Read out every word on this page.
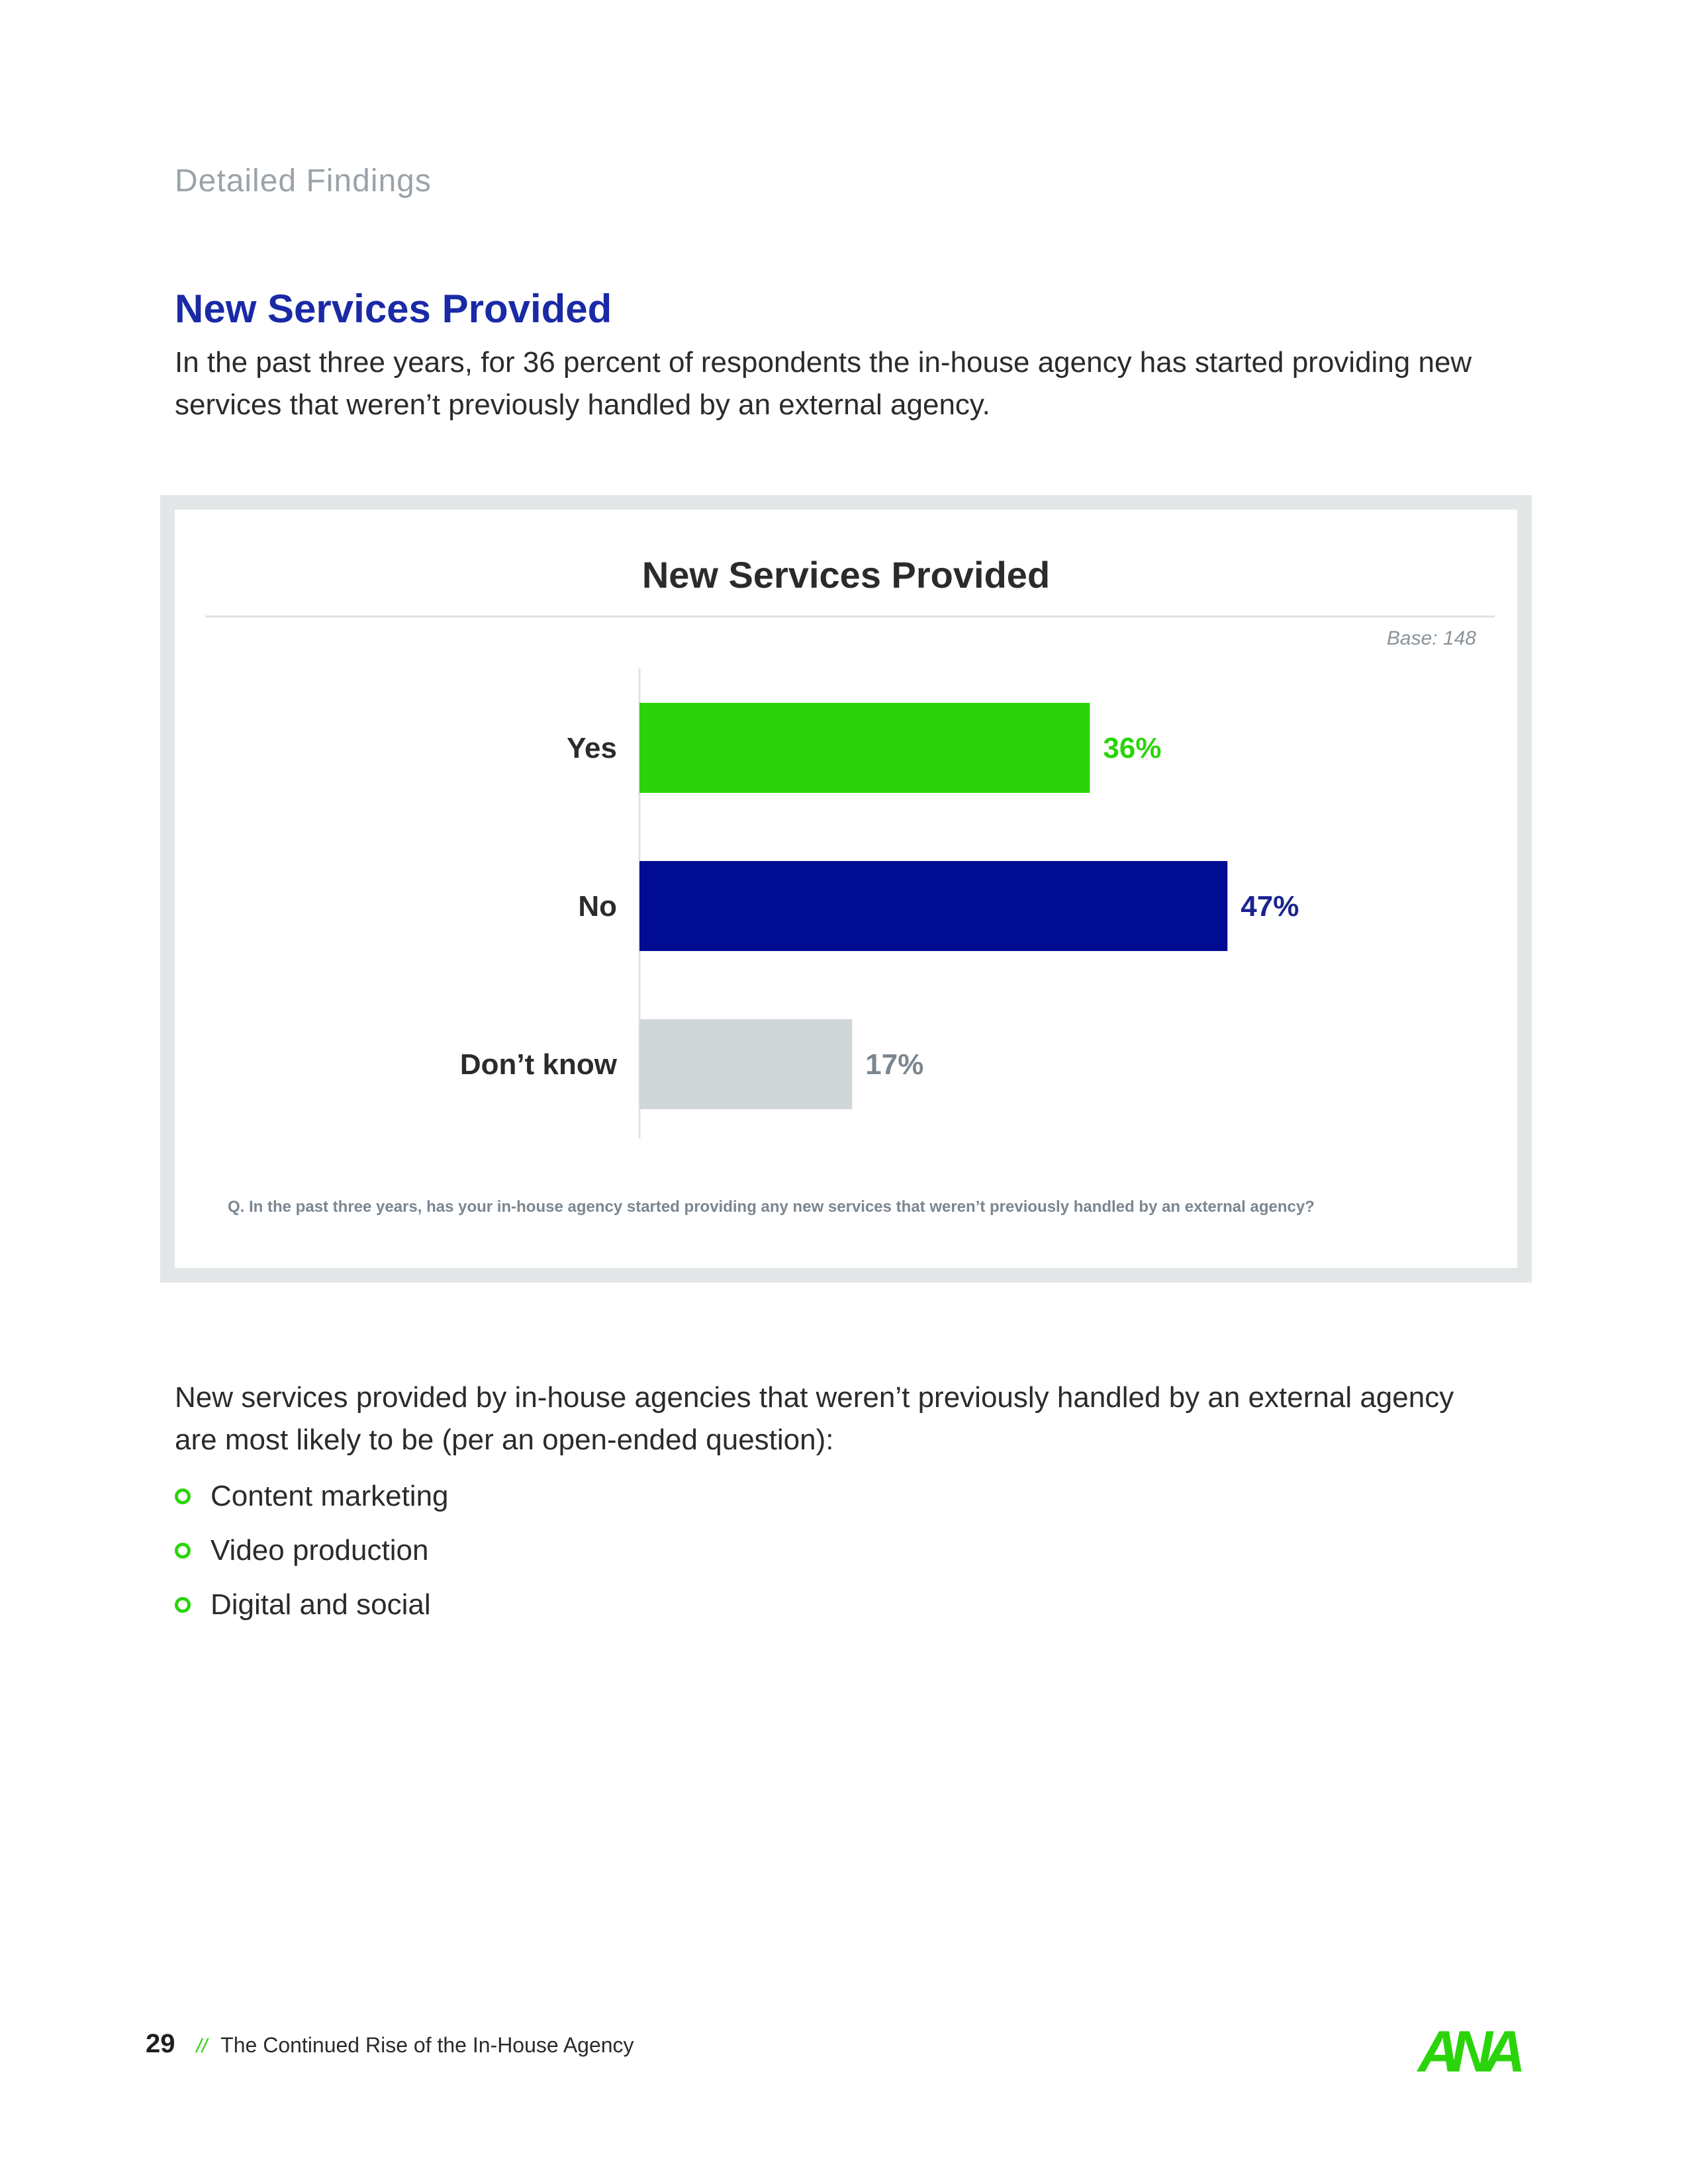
Detailed Findings
New Services Provided
In the past three years, for 36 percent of respondents the in-house agency has started providing new services that weren’t previously handled by an external agency.
New Services Provided
Base: 148
Yes	36%
No	47%
Don’t know	17%
Q. In the past three years, has your in-house agency started providing any new services that weren’t previously handled by an external agency?
New services provided by in-house agencies that weren’t previously handled by an external agency are most likely to be (per an open-ended question):
Content marketing
Video production
Digital and social
29 // The Continued Rise of the In-House Agency	ANA
